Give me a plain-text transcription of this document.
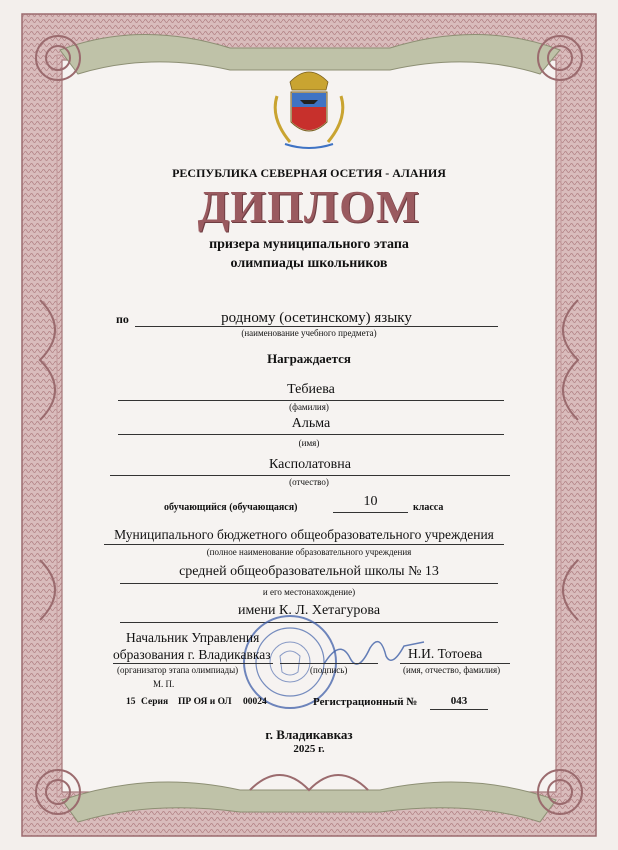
РЕСПУБЛИКА СЕВЕРНАЯ ОСЕТИЯ - АЛАНИЯ
ДИПЛОМ
призера муниципального этапа
олимпиады школьников
по	родному (осетинскому) языку
(наименование учебного предмета)
Награждается
Тебиева
(фамилия)
Альма
(имя)
Касполатовна
(отчество)
обучающийся (обучающаяся)	10	класса
Муниципального бюджетного общеобразовательного учреждения
(полное наименование образовательного учреждения
средней общеобразовательной школы № 13
и его местонахождение)
имени К. Л. Хетагурова
Начальник Управления
образования г. Владикавказ
(организатор этапа олимпиады)	(подпись)
Н.И. Тотоева
(имя, отчество, фамилия)
М. П.
15 Серия ПР ОЯ и ОЛ 00024	Регистрационный №	043
г. Владикавказ
2025 г.
